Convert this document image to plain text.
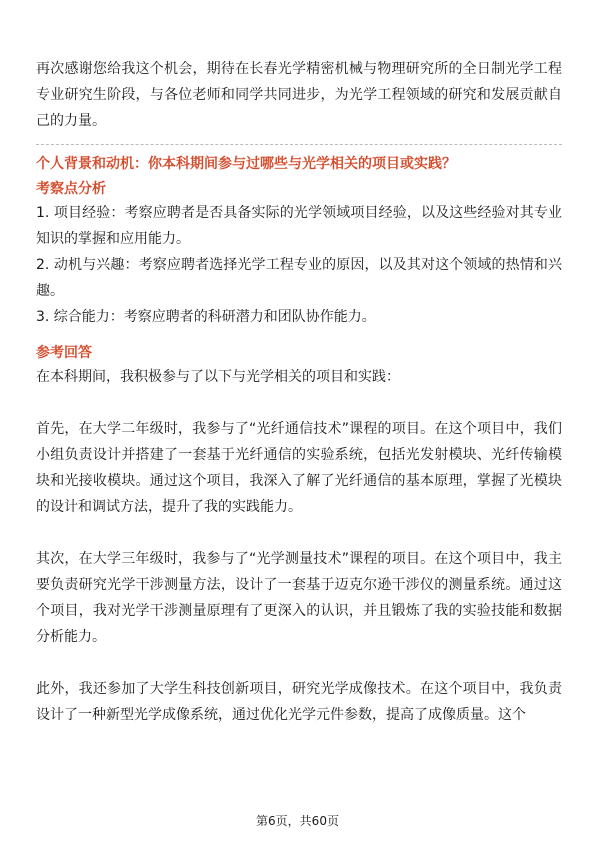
再次感谢您给我这个机会，期待在长春光学精密机械与物理研究所的全日制光学工程专业研究生阶段，与各位老师和同学共同进步，为光学工程领域的研究和发展贡献自己的力量。

个人背景和动机：你本科期间参与过哪些与光学相关的项目或实践？

考察点分析

1. 项目经验：考察应聘者是否具备实际的光学领域项目经验，以及这些经验对其专业知识的掌握和应用能力。

2. 动机与兴趣：考察应聘者选择光学工程专业的原因，以及其对这个领域的热情和兴趣。

3. 综合能力：考察应聘者的科研潜力和团队协作能力。

参考回答

在本科期间，我积极参与了以下与光学相关的项目和实践：

首先，在大学二年级时，我参与了“光纤通信技术”课程的项目。在这个项目中，我们小组负责设计并搭建了一套基于光纤通信的实验系统，包括光发射模块、光纤传输模块和光接收模块。通过这个项目，我深入了解了光纤通信的基本原理，掌握了光模块的设计和调试方法，提升了我的实践能力。

其次，在大学三年级时，我参与了“光学测量技术”课程的项目。在这个项目中，我主要负责研究光学干涉测量方法，设计了一套基于迈克尔逊干涉仪的测量系统。通过这个项目，我对光学干涉测量原理有了更深入的认识，并且锻炼了我的实验技能和数据分析能力。

此外，我还参加了大学生科技创新项目，研究光学成像技术。在这个项目中，我负责设计了一种新型光学成像系统，通过优化光学元件参数，提高了成像质量。这个

第6页，共60页
